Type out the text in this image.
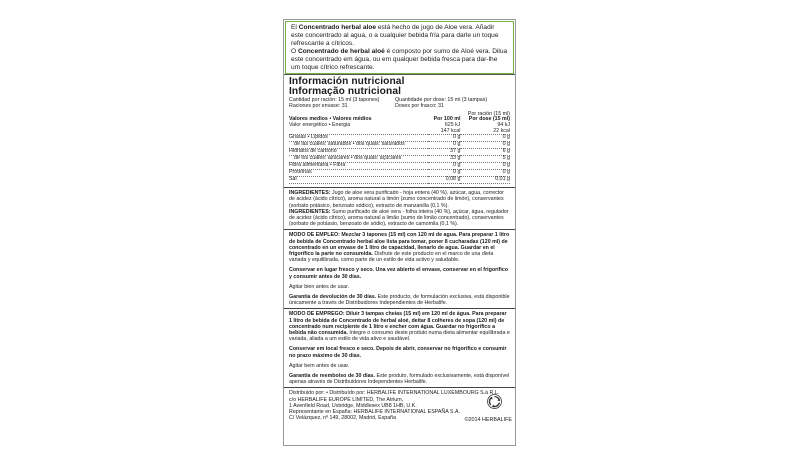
El Concentrado herbal aloe está hecho de jugo de Aloe vera. Añadir este concentrado al agua, o a cualquier bebida fría para darle un toque refrescante a cítricos.

O Concentrado de herbal aloé é composto por sumo de Aloé vera. Dilua este concentrado em água, ou em qualquer bebida fresca para dar-lhe um toque cítrico refrescante.

Información nutricional
Informação nutricional
Cantidad por ración: 15 ml (3 tapones)	Quantidade por dose: 15 ml (3 tampas)
Raciones por envase: 31	Doses por frasco: 31
Por ración (15 ml)
Valores medios • Valores médios	Por 100 ml	Por dose (15 ml)
Valor energético • Energia	625 kJ	94 kJ
	147 kcal	22 kcal
Grasas • Lípidos	0 g	0 g
de las cuales: saturados • dos quais: saturados	0 g	0 g
Hidratos de carbono	37 g	6 g
de los cuales: azúcares • dos quais: açúcares	33 g	5 g
Fibra alimentaria • Fibra	0 g	0 g
Proteínas	0 g	0 g
Sal	0,08 g	0,01 g

INGREDIENTES: Jugo de aloe vera purificado - hoja entera (40 %), azúcar, agua, corrector de acidez (ácido cítrico), aroma natural a limón (zumo concentrado de limón), conservantes (sorbato potásico, benzoato sódico), extracto de manzanilla (0,1 %).

INGREDIENTES: Sumo purificado de aloé vera - folha inteira (40 %), açúcar, água, regulador de acidez (ácido cítrico), aroma natural a limão (sumo de limão concentrado), conservantes (sorbato de potássio, benzoato de sódio), extracto de camomila (0,1 %).

MODO DE EMPLEO: Mezclar 3 tapones (15 ml) con 120 ml de agua. Para preparar 1 litro de bebida de Concentrado herbal aloe lista para tomar, poner 8 cucharadas (120 ml) de concentrado en un envase de 1 litro de capacidad, llenarlo de agua. Guardar en el frigorífico la parte no consumida. Disfrute de este producto en el marco de una dieta variada y equilibrada, como parte de un estilo de vida activo y saludable.

Conservar en lugar fresco y seco. Una vez abierto el envase, conservar en el frigorífico y consumir antes de 30 días.

Agitar bien antes de usar.

Garantía de devolución de 30 días. Este producto, de formulación exclusiva, está disponible únicamente a través de Distribuidores Independientes de Herbalife.

MODO DE EMPREGO: Diluir 3 tampas cheias (15 ml) em 120 ml de água. Para preparar 1 litro de bebida de Concentrado de herbal aloé, deitar 8 colheres de sopa (120 ml) de concentrado num recipiente de 1 litro e encher com água. Guardar no frigorífico a bebida não consumida. Integre o consumo deste produto numa dieta alimentar equilibrada e variada, aliada a um estilo de vida ativo e saudável.

Conservar em local fresco e seco. Depois de abrir, conservar no frigorífico e consumir no prazo máximo de 30 dias.

Agitar bem antes de usar.

Garantia de reembolso de 30 dias. Este produto, formulado exclusivamente, está disponível apenas através de Distribuidores Independentes Herbalife.

Distribuido por: • Distribuído por: HERBALIFE INTERNATIONAL LUXEMBOURG S.à R.L.

c/o HERBALIFE EUROPE LIMITED, The Atrium,

1 Avenfield Road, Uxbridge, Middlesex UB8 1HB, U.K.

Representante en España: HERBALIFE INTERNATIONAL ESPAÑA S.A.

C/ Velázquez, nº 149, 28002, Madrid, España	©2014 HERBALIFE
